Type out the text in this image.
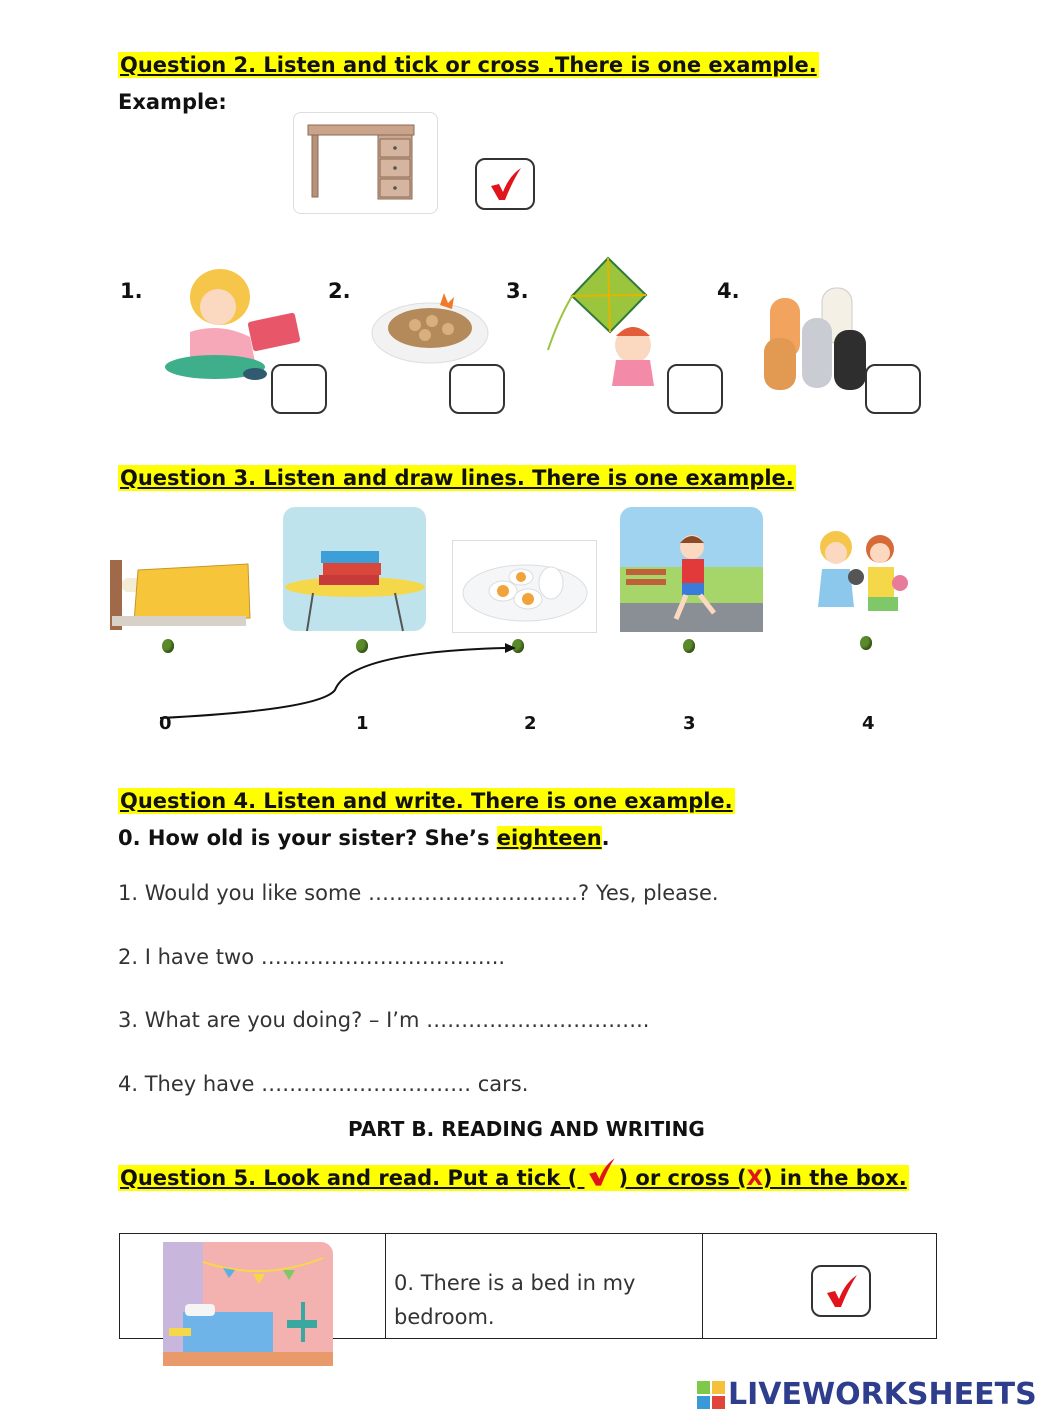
Question 2. Listen and tick or cross .There is one example.
Example:
1.	2.	3.	4.
Question 3. Listen and draw lines. There is one example.
0	1	2	3	4
Question 4. Listen and write. There is one example.
0. How old is your sister? She’s eighteen.
1. Would you like some …………………………? Yes, please.
2. I have two ……………………………..
3. What are you doing? – I’m …………………………..
4. They have ………………………… cars.
PART B. READING AND WRITING
Question 5. Look and read. Put a tick ( ) or cross (X) in the box.
0. There is a bed in my
bedroom.
LIVEWORKSHEETS
